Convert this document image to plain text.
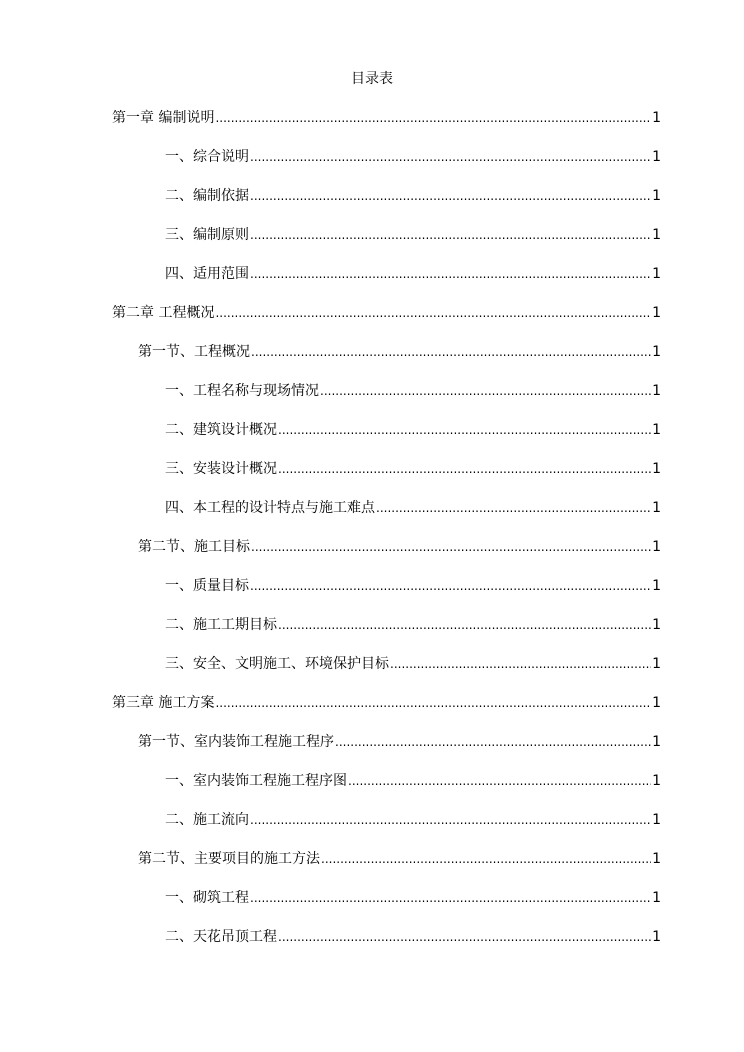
目录表
第一章 编制说明 .....	1
一、综合说明 .....	1
二、编制依据 .....	1
三、编制原则 .....	1
四、适用范围 .....	1
第二章 工程概况 .....	1
第一节、工程概况 .....	1
一、工程名称与现场情况 .....	1
二、建筑设计概况 .....	1
三、安装设计概况 .....	1
四、本工程的设计特点与施工难点 .....	1
第二节、施工目标 .....	1
一、质量目标 .....	1
二、施工工期目标 .....	1
三、安全、文明施工、环境保护目标 .....	1
第三章 施工方案 .....	1
第一节、室内装饰工程施工程序 .....	1
一、室内装饰工程施工程序图 .....	1
二、施工流向 .....	1
第二节、主要项目的施工方法 .....	1
一、砌筑工程 .....	1
二、天花吊顶工程 .....	1
